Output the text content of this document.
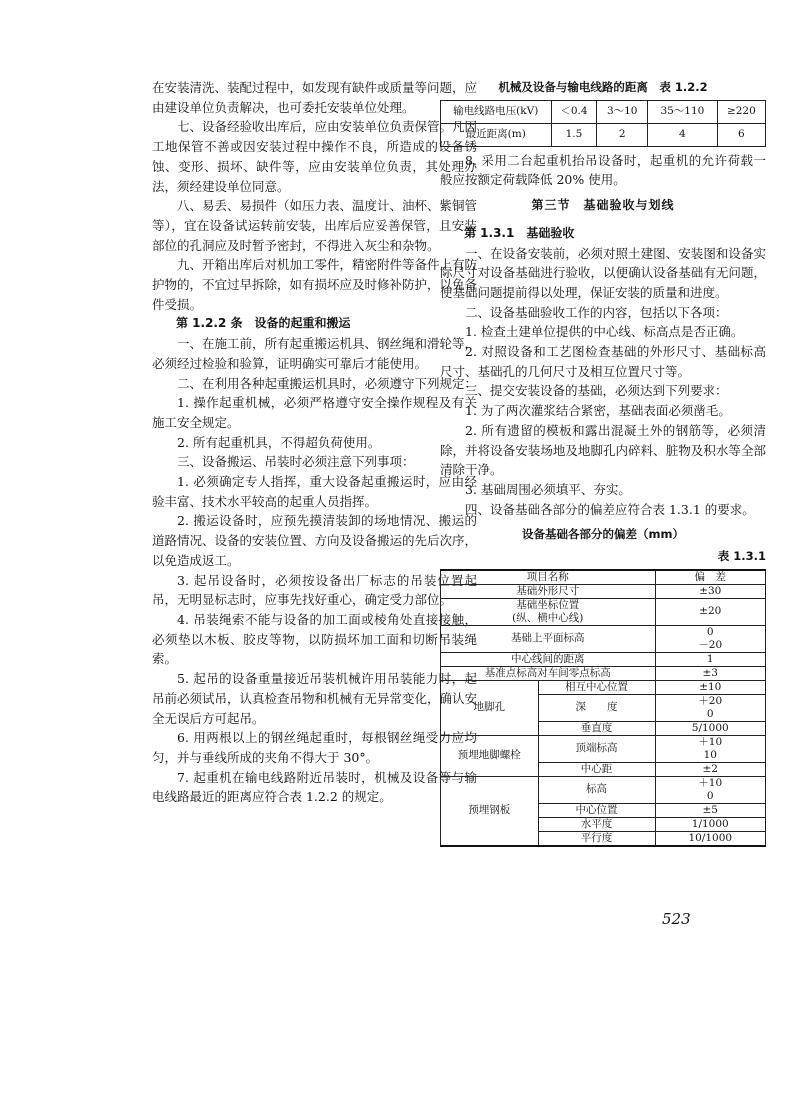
在安装清洗、装配过程中，如发现有缺件或质量等问题，应由建设单位负责解决，也可委托安装单位处理。

七、设备经验收出库后，应由安装单位负责保管。凡因工地保管不善或因安装过程中操作不良，所造成的设备锈蚀、变形、损坏、缺件等，应由安装单位负责，其处理办法，须经建设单位同意。

八、易丢、易损件（如压力表、温度计、油杯、紫铜管等），宜在设备试运转前安装，出库后应妥善保管，且安装部位的孔洞应及时暂予密封，不得进入灰尘和杂物。

九、开箱出库后对机加工零件，精密附件等备件上有防护物的，不宜过早拆除，如有损坏应及时修补防护，以免备件受损。

第 1.2.2 条　设备的起重和搬运

一、在施工前，所有起重搬运机具、钢丝绳和滑轮等，必须经过检验和验算，证明确实可靠后才能使用。

二、在利用各种起重搬运机具时，必须遵守下列规定：

1. 操作起重机械，必须严格遵守安全操作规程及有关施工安全规定。

2. 所有起重机具，不得超负荷使用。

三、设备搬运、吊装时必须注意下列事项：

1. 必须确定专人指挥，重大设备起重搬运时，应由经验丰富、技术水平较高的起重人员指挥。

2. 搬运设备时，应预先摸清装卸的场地情况、搬运的道路情况、设备的安装位置、方向及设备搬运的先后次序，以免造成返工。

3. 起吊设备时，必须按设备出厂标志的吊装位置起吊，无明显标志时，应事先找好重心，确定受力部位。

4. 吊装绳索不能与设备的加工面或棱角处直接接触，必须垫以木板、胶皮等物，以防损坏加工面和切断吊装绳索。

5. 起吊的设备重量接近吊装机械许用吊装能力时，起吊前必须试吊，认真检查吊物和机械有无异常变化，确认安全无误后方可起吊。

6. 用两根以上的钢丝绳起重时，每根钢丝绳受力应均匀，并与垂线所成的夹角不得大于 30°。

7. 起重机在输电线路附近吊装时，机械及设备等与输电线路最近的距离应符合表 1.2.2 的规定。

机械及设备与输电线路的距离　表 1.2.2
输电线路电压(kV)	＜0.4	3～10	35～110	≥220
最近距离(m)	1.5	2	4	6

8. 采用二台起重机抬吊设备时，起重机的允许荷载一般应按额定荷载降低 20% 使用。

第三节　基础验收与划线

第 1.3.1　基础验收

一、在设备安装前，必须对照土建图、安装图和设备实际尺寸对设备基础进行验收，以便确认设备基础有无问题，使基础问题提前得以处理，保证安装的质量和进度。

二、设备基础验收工作的内容，包括以下各项：

1. 检查土建单位提供的中心线、标高点是否正确。

2. 对照设备和工艺图检查基础的外形尺寸、基础标高尺寸、基础孔的几何尺寸及相互位置尺寸等。

三、提交安装设备的基础，必须达到下列要求：

1. 为了两次灌浆结合紧密，基础表面必须凿毛。

2. 所有遗留的模板和露出混凝土外的钢筋等，必须清除，并将设备安装场地及地脚孔内碎料、脏物及积水等全部清除干净。

3. 基础周围必须填平、夯实。

四、设备基础各部分的偏差应符合表 1.3.1 的要求。

设备基础各部分的偏差（mm）
表 1.3.1
项目名称		偏　差
基础外形尺寸		±30
基础坐标位置
(纵、横中心线)		±20
基础上平面标高		0
－20
中心线间的距离		1
基准点标高对车间零点标高		±3
地脚孔	相互中心位置	±10
	深　　度	＋20
0
	垂直度	5/1000
预埋地脚螺栓	顶端标高	＋10
10
	中心距	±2
预埋钢板	标高	＋10
0
	中心位置	±5
	水平度	1/1000
	平行度	10/1000
523
